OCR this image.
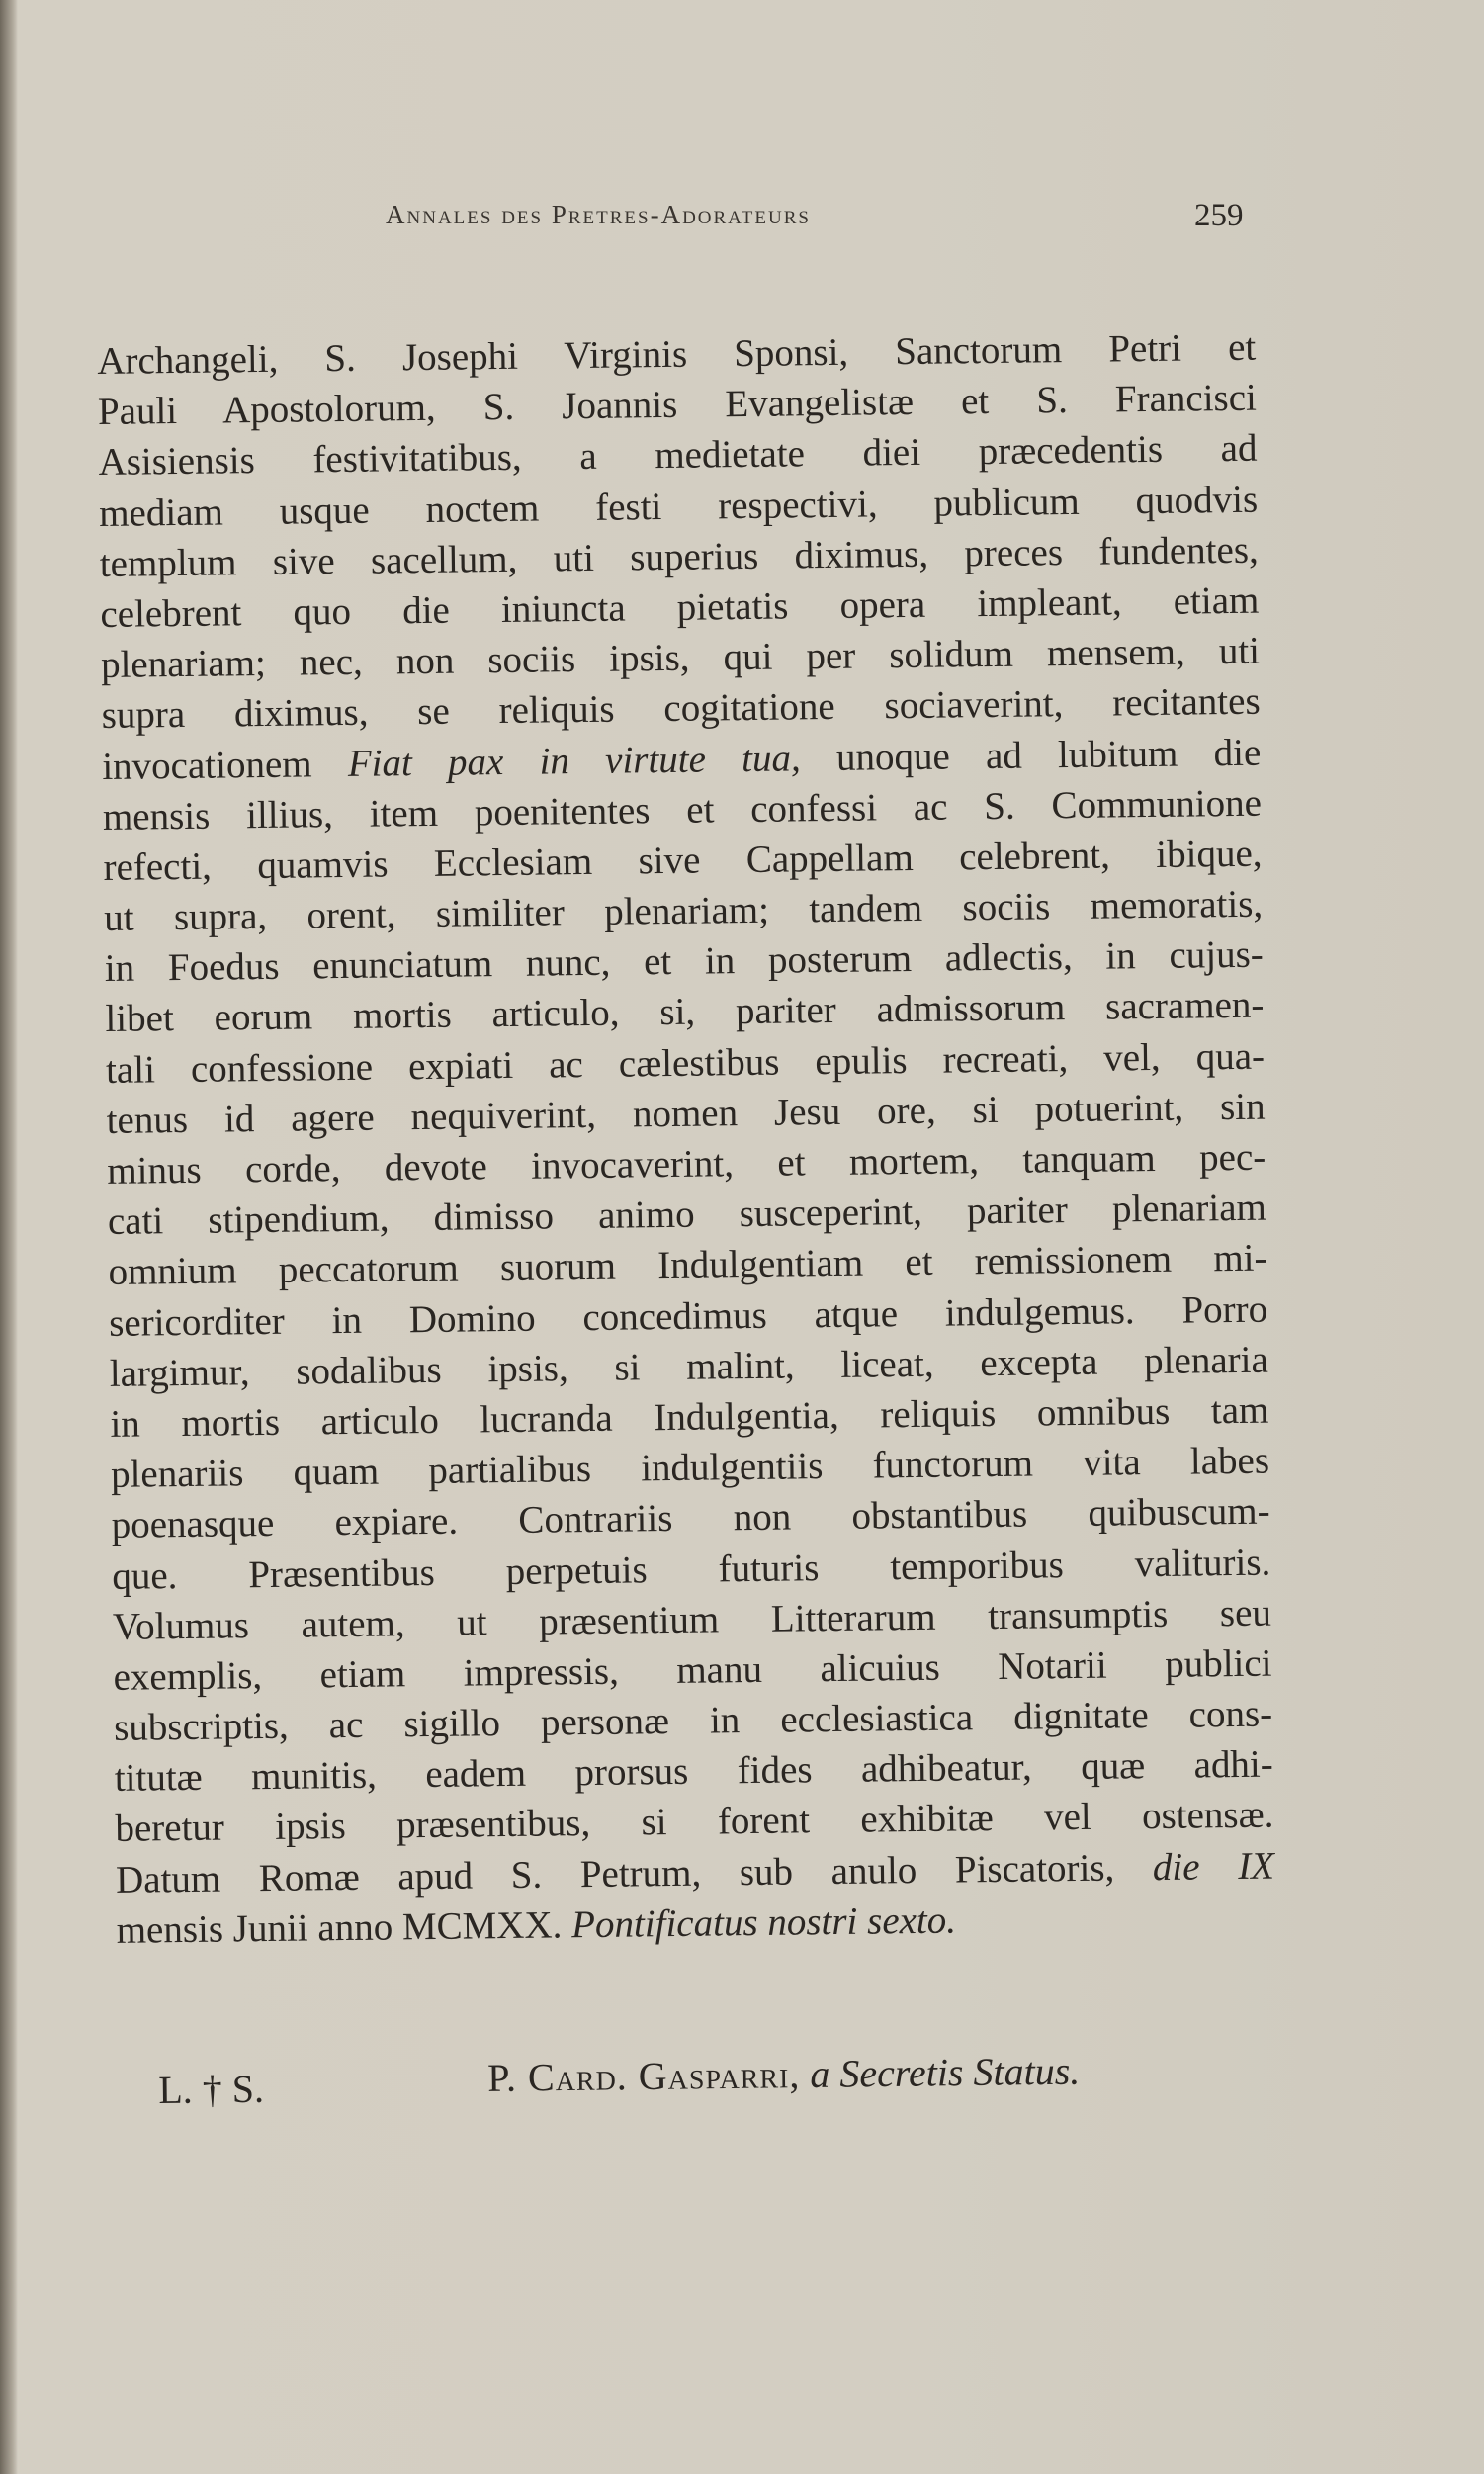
Annales des Pretres-Adorateurs	259
Archangeli, S. Josephi Virginis Sponsi, Sanctorum Petri et
Pauli Apostolorum, S. Joannis Evangelistæ et S. Francisci
Asisiensis festivitatibus, a medietate diei præcedentis ad
mediam usque noctem festi respectivi, publicum quodvis
templum sive sacellum, uti superius diximus, preces fundentes,
celebrent quo die iniuncta pietatis opera impleant, etiam
plenariam; nec, non sociis ipsis, qui per solidum mensem, uti
supra diximus, se reliquis cogitatione sociaverint, recitantes
invocationem Fiat pax in virtute tua, unoque ad lubitum die
mensis illius, item poenitentes et confessi ac S. Communione
refecti, quamvis Ecclesiam sive Cappellam celebrent, ibique,
ut supra, orent, similiter plenariam; tandem sociis memoratis,
in Foedus enunciatum nunc, et in posterum adlectis, in cujus-
libet eorum mortis articulo, si, pariter admissorum sacramen-
tali confessione expiati ac cælestibus epulis recreati, vel, qua-
tenus id agere nequiverint, nomen Jesu ore, si potuerint, sin
minus corde, devote invocaverint, et mortem, tanquam pec-
cati stipendium, dimisso animo susceperint, pariter plenariam
omnium peccatorum suorum Indulgentiam et remissionem mi-
sericorditer in Domino concedimus atque indulgemus. Porro
largimur, sodalibus ipsis, si malint, liceat, excepta plenaria
in mortis articulo lucranda Indulgentia, reliquis omnibus tam
plenariis quam partialibus indulgentiis functorum vita labes
poenasque expiare. Contrariis non obstantibus quibuscum-
que. Præsentibus perpetuis futuris temporibus valituris.
Volumus autem, ut præsentium Litterarum transumptis seu
exemplis, etiam impressis, manu alicuius Notarii publici
subscriptis, ac sigillo personæ in ecclesiastica dignitate cons-
titutæ munitis, eadem prorsus fides adhibeatur, quæ adhi-
beretur ipsis præsentibus, si forent exhibitæ vel ostensæ.
Datum Romæ apud S. Petrum, sub anulo Piscatoris, die IX
mensis Junii anno MCMXX. Pontificatus nostri sexto.
L. † S.	P. Card. Gasparri, a Secretis Status.
